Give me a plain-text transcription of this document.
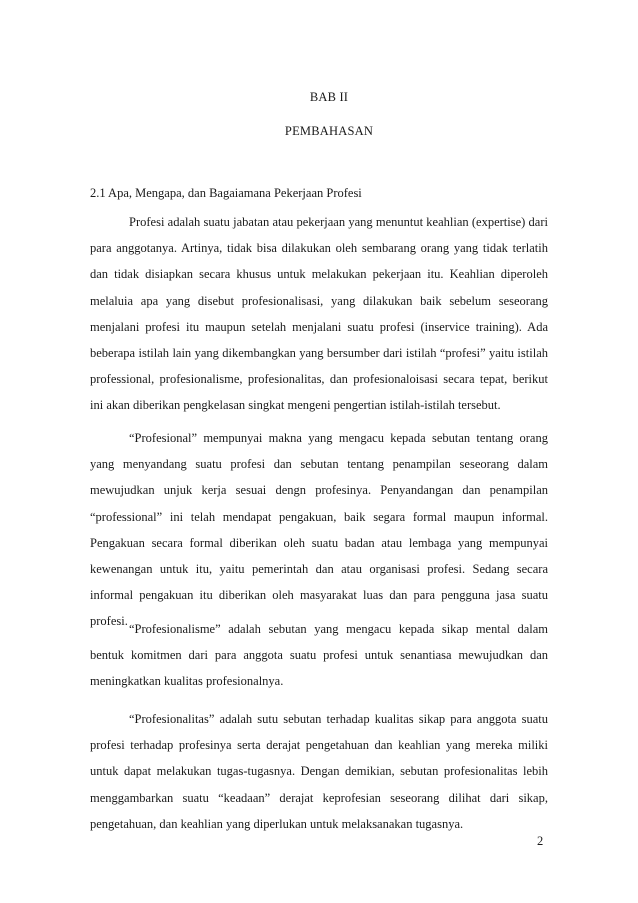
BAB II
PEMBAHASAN
2.1 Apa, Mengapa, dan Bagaiamana Pekerjaan Profesi

Profesi adalah suatu jabatan atau pekerjaan yang menuntut keahlian (expertise) dari para anggotanya. Artinya, tidak bisa dilakukan oleh sembarang orang yang tidak terlatih dan tidak disiapkan secara khusus untuk melakukan pekerjaan itu. Keahlian diperoleh melaluia apa yang disebut profesionalisasi, yang dilakukan baik sebelum seseorang menjalani profesi itu maupun setelah menjalani suatu profesi (inservice training). Ada beberapa istilah lain yang dikembangkan yang bersumber dari istilah “profesi” yaitu istilah professional, profesionalisme, profesionalitas, dan profesionaloisasi secara tepat, berikut ini akan diberikan pengkelasan singkat mengeni pengertian istilah-istilah tersebut.

“Profesional” mempunyai makna yang mengacu kepada sebutan tentang orang yang menyandang suatu profesi dan sebutan tentang penampilan seseorang dalam mewujudkan unjuk kerja sesuai dengn profesinya. Penyandangan dan penampilan “professional” ini telah mendapat pengakuan, baik segara formal maupun informal. Pengakuan secara formal diberikan oleh suatu badan atau lembaga yang mempunyai kewenangan untuk itu, yaitu pemerintah dan atau organisasi profesi. Sedang secara informal pengakuan itu diberikan oleh masyarakat luas dan para pengguna jasa suatu profesi.

“Profesionalisme” adalah sebutan yang mengacu kepada sikap mental dalam bentuk komitmen dari para anggota suatu profesi untuk senantiasa mewujudkan dan meningkatkan kualitas profesionalnya.

“Profesionalitas” adalah sutu sebutan terhadap kualitas sikap para anggota suatu profesi terhadap profesinya serta derajat pengetahuan dan keahlian yang mereka miliki untuk dapat melakukan tugas-tugasnya. Dengan demikian, sebutan profesionalitas lebih menggambarkan suatu “keadaan” derajat keprofesian seseorang dilihat dari sikap, pengetahuan, dan keahlian yang diperlukan untuk melaksanakan tugasnya.

2
